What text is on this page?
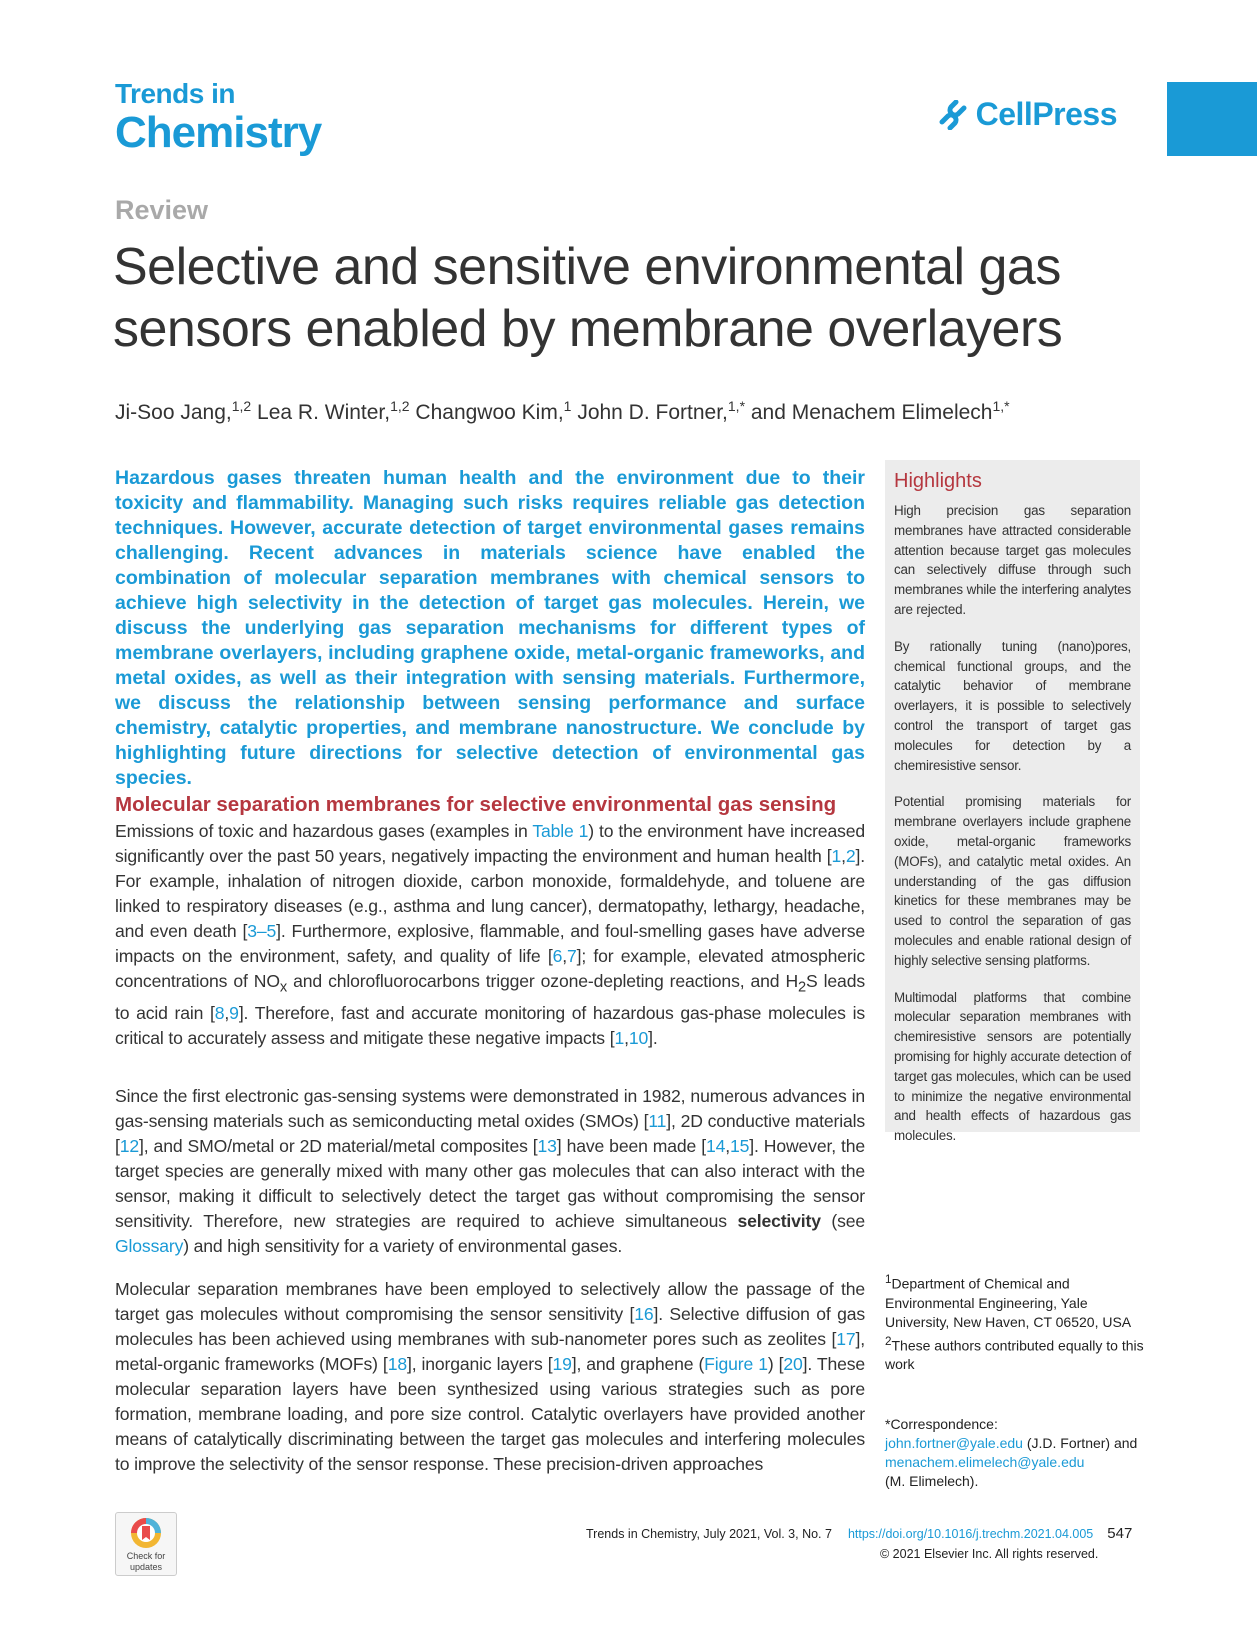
Trends in
Chemistry	CellPress
Review
Selective and sensitive environmental gas sensors enabled by membrane overlayers
Ji-Soo Jang,$^{1,2}$ Lea R. Winter,$^{1,2}$ Changwoo Kim,$^1$ John D. Fortner,$^{1,*}$ and Menachem Elimelech$^{1,*}$

Hazardous gases threaten human health and the environment due to their toxicity and flammability. Managing such risks requires reliable gas detection techniques. However, accurate detection of target environmental gases remains challenging. Recent advances in materials science have enabled the combination of molecular separation membranes with chemical sensors to achieve high selectivity in the detection of target gas molecules. Herein, we discuss the underlying gas separation mechanisms for different types of membrane overlayers, including graphene oxide, metal-organic frameworks, and metal oxides, as well as their integration with sensing materials. Furthermore, we discuss the relationship between sensing performance and surface chemistry, catalytic properties, and membrane nanostructure. We conclude by highlighting future directions for selective detection of environmental gas species.

Molecular separation membranes for selective environmental gas sensing

Emissions of toxic and hazardous gases (examples in Table 1) to the environment have increased significantly over the past 50 years, negatively impacting the environment and human health [1,2]. For example, inhalation of nitrogen dioxide, carbon monoxide, formaldehyde, and toluene are linked to respiratory diseases (e.g., asthma and lung cancer), dermatopathy, lethargy, headache, and even death [3–5]. Furthermore, explosive, flammable, and foul-smelling gases have adverse impacts on the environment, safety, and quality of life [6,7]; for example, elevated atmospheric concentrations of $NO_x$ and chlorofluorocarbons trigger ozone-depleting reactions, and $H_2S$ leads to acid rain [8,9]. Therefore, fast and accurate monitoring of hazardous gas-phase molecules is critical to accurately assess and mitigate these negative impacts [1,10].

Since the first electronic gas-sensing systems were demonstrated in 1982, numerous advances in gas-sensing materials such as semiconducting metal oxides (SMOs) [11], 2D conductive materials [12], and SMO/metal or 2D material/metal composites [13] have been made [14,15]. However, the target species are generally mixed with many other gas molecules that can also interact with the sensor, making it difficult to selectively detect the target gas without compromising the sensor sensitivity. Therefore, new strategies are required to achieve simultaneous selectivity (see Glossary) and high sensitivity for a variety of environmental gases.

Molecular separation membranes have been employed to selectively allow the passage of the target gas molecules without compromising the sensor sensitivity [16]. Selective diffusion of gas molecules has been achieved using membranes with sub-nanometer pores such as zeolites [17], metal-organic frameworks (MOFs) [18], inorganic layers [19], and graphene (Figure 1) [20]. These molecular separation layers have been synthesized using various strategies such as pore formation, membrane loading, and pore size control. Catalytic overlayers have provided another means of catalytically discriminating between the target gas molecules and interfering molecules to improve the selectivity of the sensor response. These precision-driven approaches

Highlights

High precision gas separation membranes have attracted considerable attention because target gas molecules can selectively diffuse through such membranes while the interfering analytes are rejected.

By rationally tuning (nano)pores, chemical functional groups, and the catalytic behavior of membrane overlayers, it is possible to selectively control the transport of target gas molecules for detection by a chemiresistive sensor.

Potential promising materials for membrane overlayers include graphene oxide, metal-organic frameworks (MOFs), and catalytic metal oxides. An understanding of the gas diffusion kinetics for these membranes may be used to control the separation of gas molecules and enable rational design of highly selective sensing platforms.

Multimodal platforms that combine molecular separation membranes with chemiresistive sensors are potentially promising for highly accurate detection of target gas molecules, which can be used to minimize the negative environmental and health effects of hazardous gas molecules.

$^1$Department of Chemical and Environmental Engineering, Yale University, New Haven, CT 06520, USA

$^2$These authors contributed equally to this work

*Correspondence:

john.fortner@yale.edu (J.D. Fortner) and

menachem.elimelech@yale.edu

(M. Elimelech).

Check for
updates
Trends in Chemistry, July 2021, Vol. 3, No. 7 https://doi.org/10.1016/j.trechm.2021.04.005 547
© 2021 Elsevier Inc. All rights reserved.
